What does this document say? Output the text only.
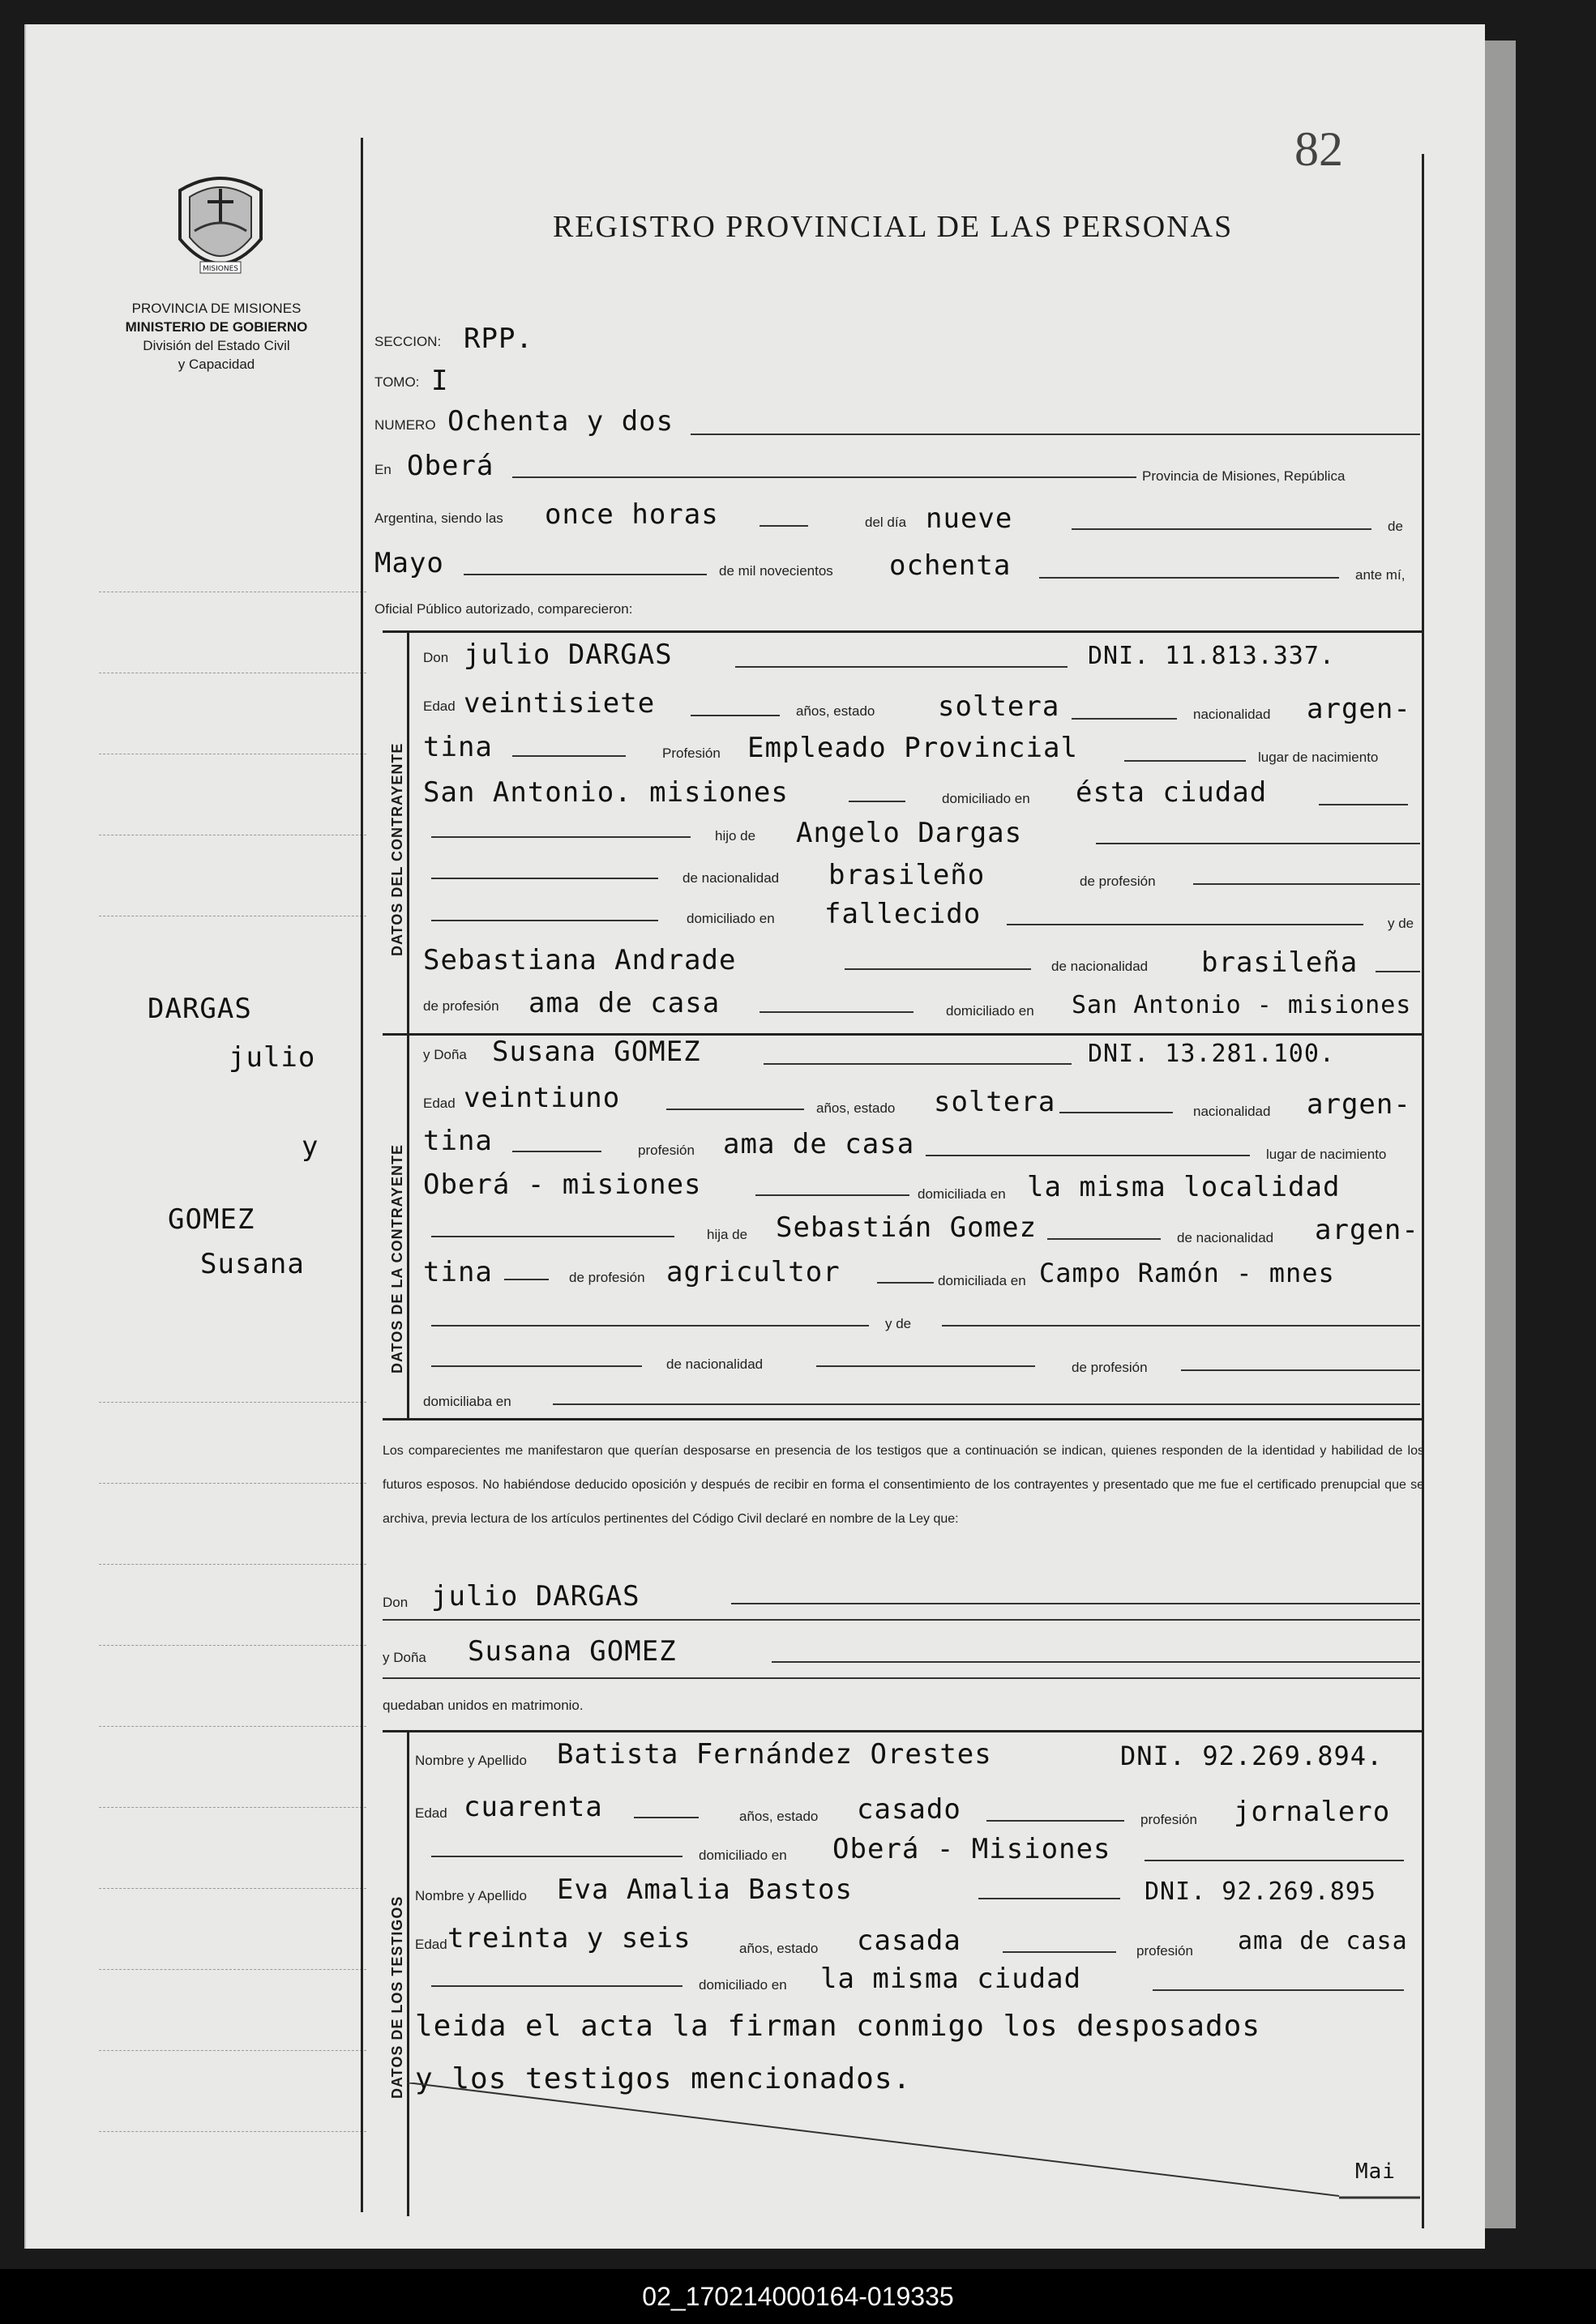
82
MISIONES
PROVINCIA DE MISIONES
MINISTERIO DE GOBIERNO
División del Estado Civil
y Capacidad
REGISTRO PROVINCIAL DE LAS PERSONAS
DARGAS
julio
y
GOMEZ
Susana
SECCION: RPP.
TOMO: I
NUMERO Ochenta y dos
En Oberá	Provincia de Misiones, República
Argentina, siendo las once horas	del día nueve	de
Mayo	de mil novecientos ochenta	ante mí,
Oficial Público autorizado, comparecieron:
DATOS DEL CONTRAYENTE
Don julio DARGAS	DNI. 11.813.337.
Edad veintisiete	años, estado soltera	nacionalidad argen-
tina	Profesión Empleado Provincial	lugar de nacimiento
San Antonio. misiones	domiciliado en ésta ciudad
hijo de Angelo Dargas
de nacionalidad brasileño	de profesión
domiciliado en fallecido	y de
Sebastiana Andrade	de nacionalidad brasileña
de profesión ama de casa	domiciliado en San Antonio - misiones
DATOS DE LA CONTRAYENTE
y Doña Susana GOMEZ	DNI. 13.281.100.
Edad veintiuno	años, estado soltera	nacionalidad argen-
tina	profesión ama de casa	lugar de nacimiento
Oberá - misiones	domiciliada en la misma localidad
hija de Sebastián Gomez	de nacionalidad argen-
tina	de profesión agricultor	domiciliada en Campo Ramón - mnes
y de
de nacionalidad	de profesión
domiciliaba en
Los comparecientes me manifestaron que querían desposarse en presencia de los testigos que a continuación se indican, quienes responden de la identidad y habilidad de los futuros esposos. No habiéndose deducido oposición y después de recibir en forma el consentimiento de los contrayentes y presentado que me fue el certificado prenupcial que se archiva, previa lectura de los artículos pertinentes del Código Civil declaré en nombre de la Ley que:
Don julio DARGAS
y Doña Susana GOMEZ
quedaban unidos en matrimonio.
DATOS DE LOS TESTIGOS
Nombre y Apellido Batista Fernández Orestes	DNI. 92.269.894.
Edad cuarenta	años, estado casado	profesión jornalero
domiciliado en Oberá - Misiones
Nombre y Apellido Eva Amalia Bastos	DNI. 92.269.895
Edad treinta y seis	años, estado casada	profesión ama de casa
domiciliado en la misma ciudad
leida el acta la firman conmigo los desposados
y los testigos mencionados.
Mai
02_170214000164-019335
